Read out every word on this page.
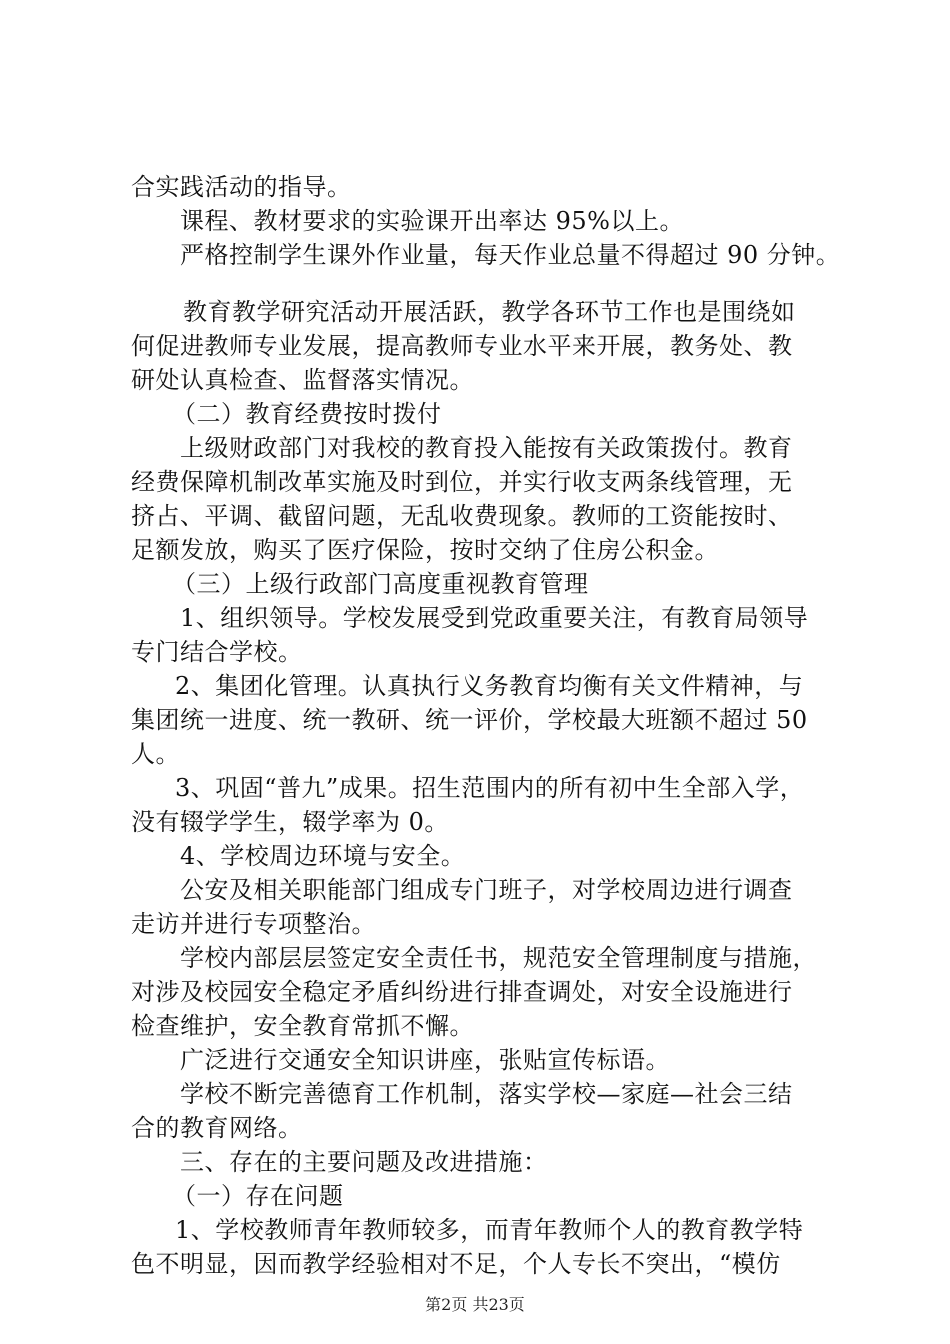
合实践活动的指导。
课程、教材要求的实验课开出率达 95%以上。
严格控制学生课外作业量，每天作业总量不得超过 90 分钟。
教育教学研究活动开展活跃，教学各环节工作也是围绕如
何促进教师专业发展，提高教师专业水平来开展，教务处、教
研处认真检查、监督落实情况。
（二）教育经费按时拨付
上级财政部门对我校的教育投入能按有关政策拨付。教育
经费保障机制改革实施及时到位，并实行收支两条线管理，无
挤占、平调、截留问题，无乱收费现象。教师的工资能按时、
足额发放，购买了医疗保险，按时交纳了住房公积金。
（三）上级行政部门高度重视教育管理
1、组织领导。学校发展受到党政重要关注，有教育局领导
专门结合学校。
2、集团化管理。认真执行义务教育均衡有关文件精神，与
集团统一进度、统一教研、统一评价，学校最大班额不超过 50
人。
3、巩固“普九”成果。招生范围内的所有初中生全部入学，
没有辍学学生，辍学率为 0。
4、学校周边环境与安全。
公安及相关职能部门组成专门班子，对学校周边进行调查
走访并进行专项整治。
学校内部层层签定安全责任书，规范安全管理制度与措施，
对涉及校园安全稳定矛盾纠纷进行排查调处，对安全设施进行
检查维护，安全教育常抓不懈。
广泛进行交通安全知识讲座，张贴宣传标语。
学校不断完善德育工作机制，落实学校—家庭—社会三结
合的教育网络。
三、存在的主要问题及改进措施：
（一）存在问题
1、学校教师青年教师较多，而青年教师个人的教育教学特
色不明显，因而教学经验相对不足，个人专长不突出，“模仿
第2页 共23页
